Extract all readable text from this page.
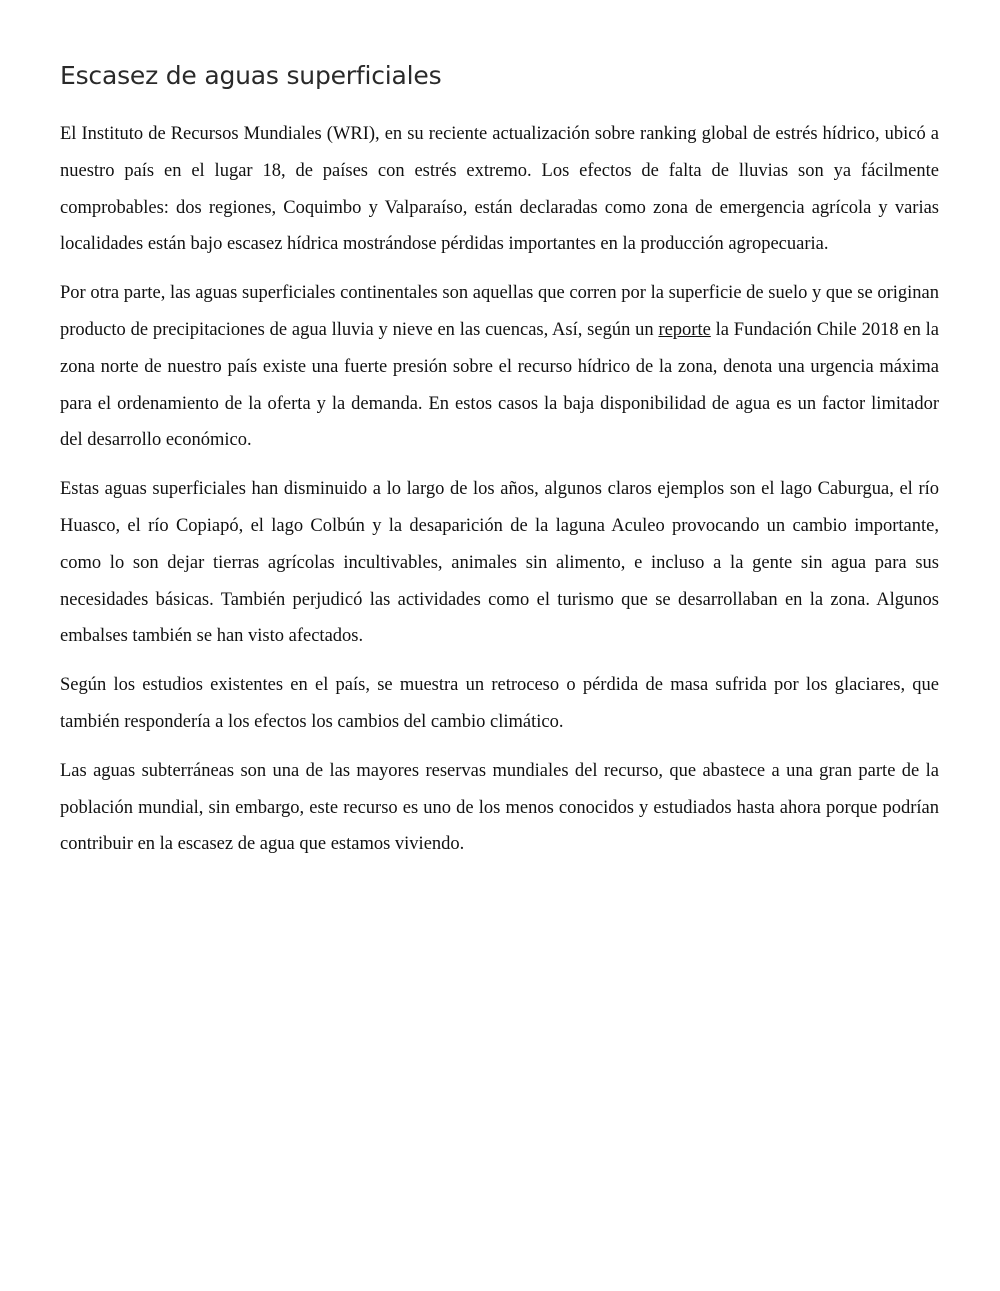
Escasez de aguas superficiales

El Instituto de Recursos Mundiales (WRI), en su reciente actualización sobre ranking global de estrés hídrico, ubicó a nuestro país en el lugar 18, de países con estrés extremo. Los efectos de falta de lluvias son ya fácilmente comprobables: dos regiones, Coquimbo y Valparaíso, están declaradas como zona de emergencia agrícola y varias localidades están bajo escasez hídrica mostrándose pérdidas importantes en la producción agropecuaria.

Por otra parte, las aguas superficiales continentales son aquellas que corren por la superficie de suelo y que se originan producto de precipitaciones de agua lluvia y nieve en las cuencas, Así, según un reporte la Fundación Chile 2018 en la zona norte de nuestro país existe una fuerte presión sobre el recurso hídrico de la zona, denota una urgencia máxima para el ordenamiento de la oferta y la demanda. En estos casos la baja disponibilidad de agua es un factor limitador del desarrollo económico.

Estas aguas superficiales han disminuido a lo largo de los años, algunos claros ejemplos son el lago Caburgua, el río Huasco, el río Copiapó, el lago Colbún y la desaparición de la laguna Aculeo provocando un cambio importante, como lo son dejar tierras agrícolas incultivables, animales sin alimento, e incluso a la gente sin agua para sus necesidades básicas. También perjudicó las actividades como el turismo que se desarrollaban en la zona. Algunos embalses también se han visto afectados.

Según los estudios existentes en el país, se muestra un retroceso o pérdida de masa sufrida por los glaciares, que también respondería a los efectos los cambios del cambio climático.

Las aguas subterráneas son una de las mayores reservas mundiales del recurso, que abastece a una gran parte de la población mundial, sin embargo, este recurso es uno de los menos conocidos y estudiados hasta ahora porque podrían contribuir en la escasez de agua que estamos viviendo.
